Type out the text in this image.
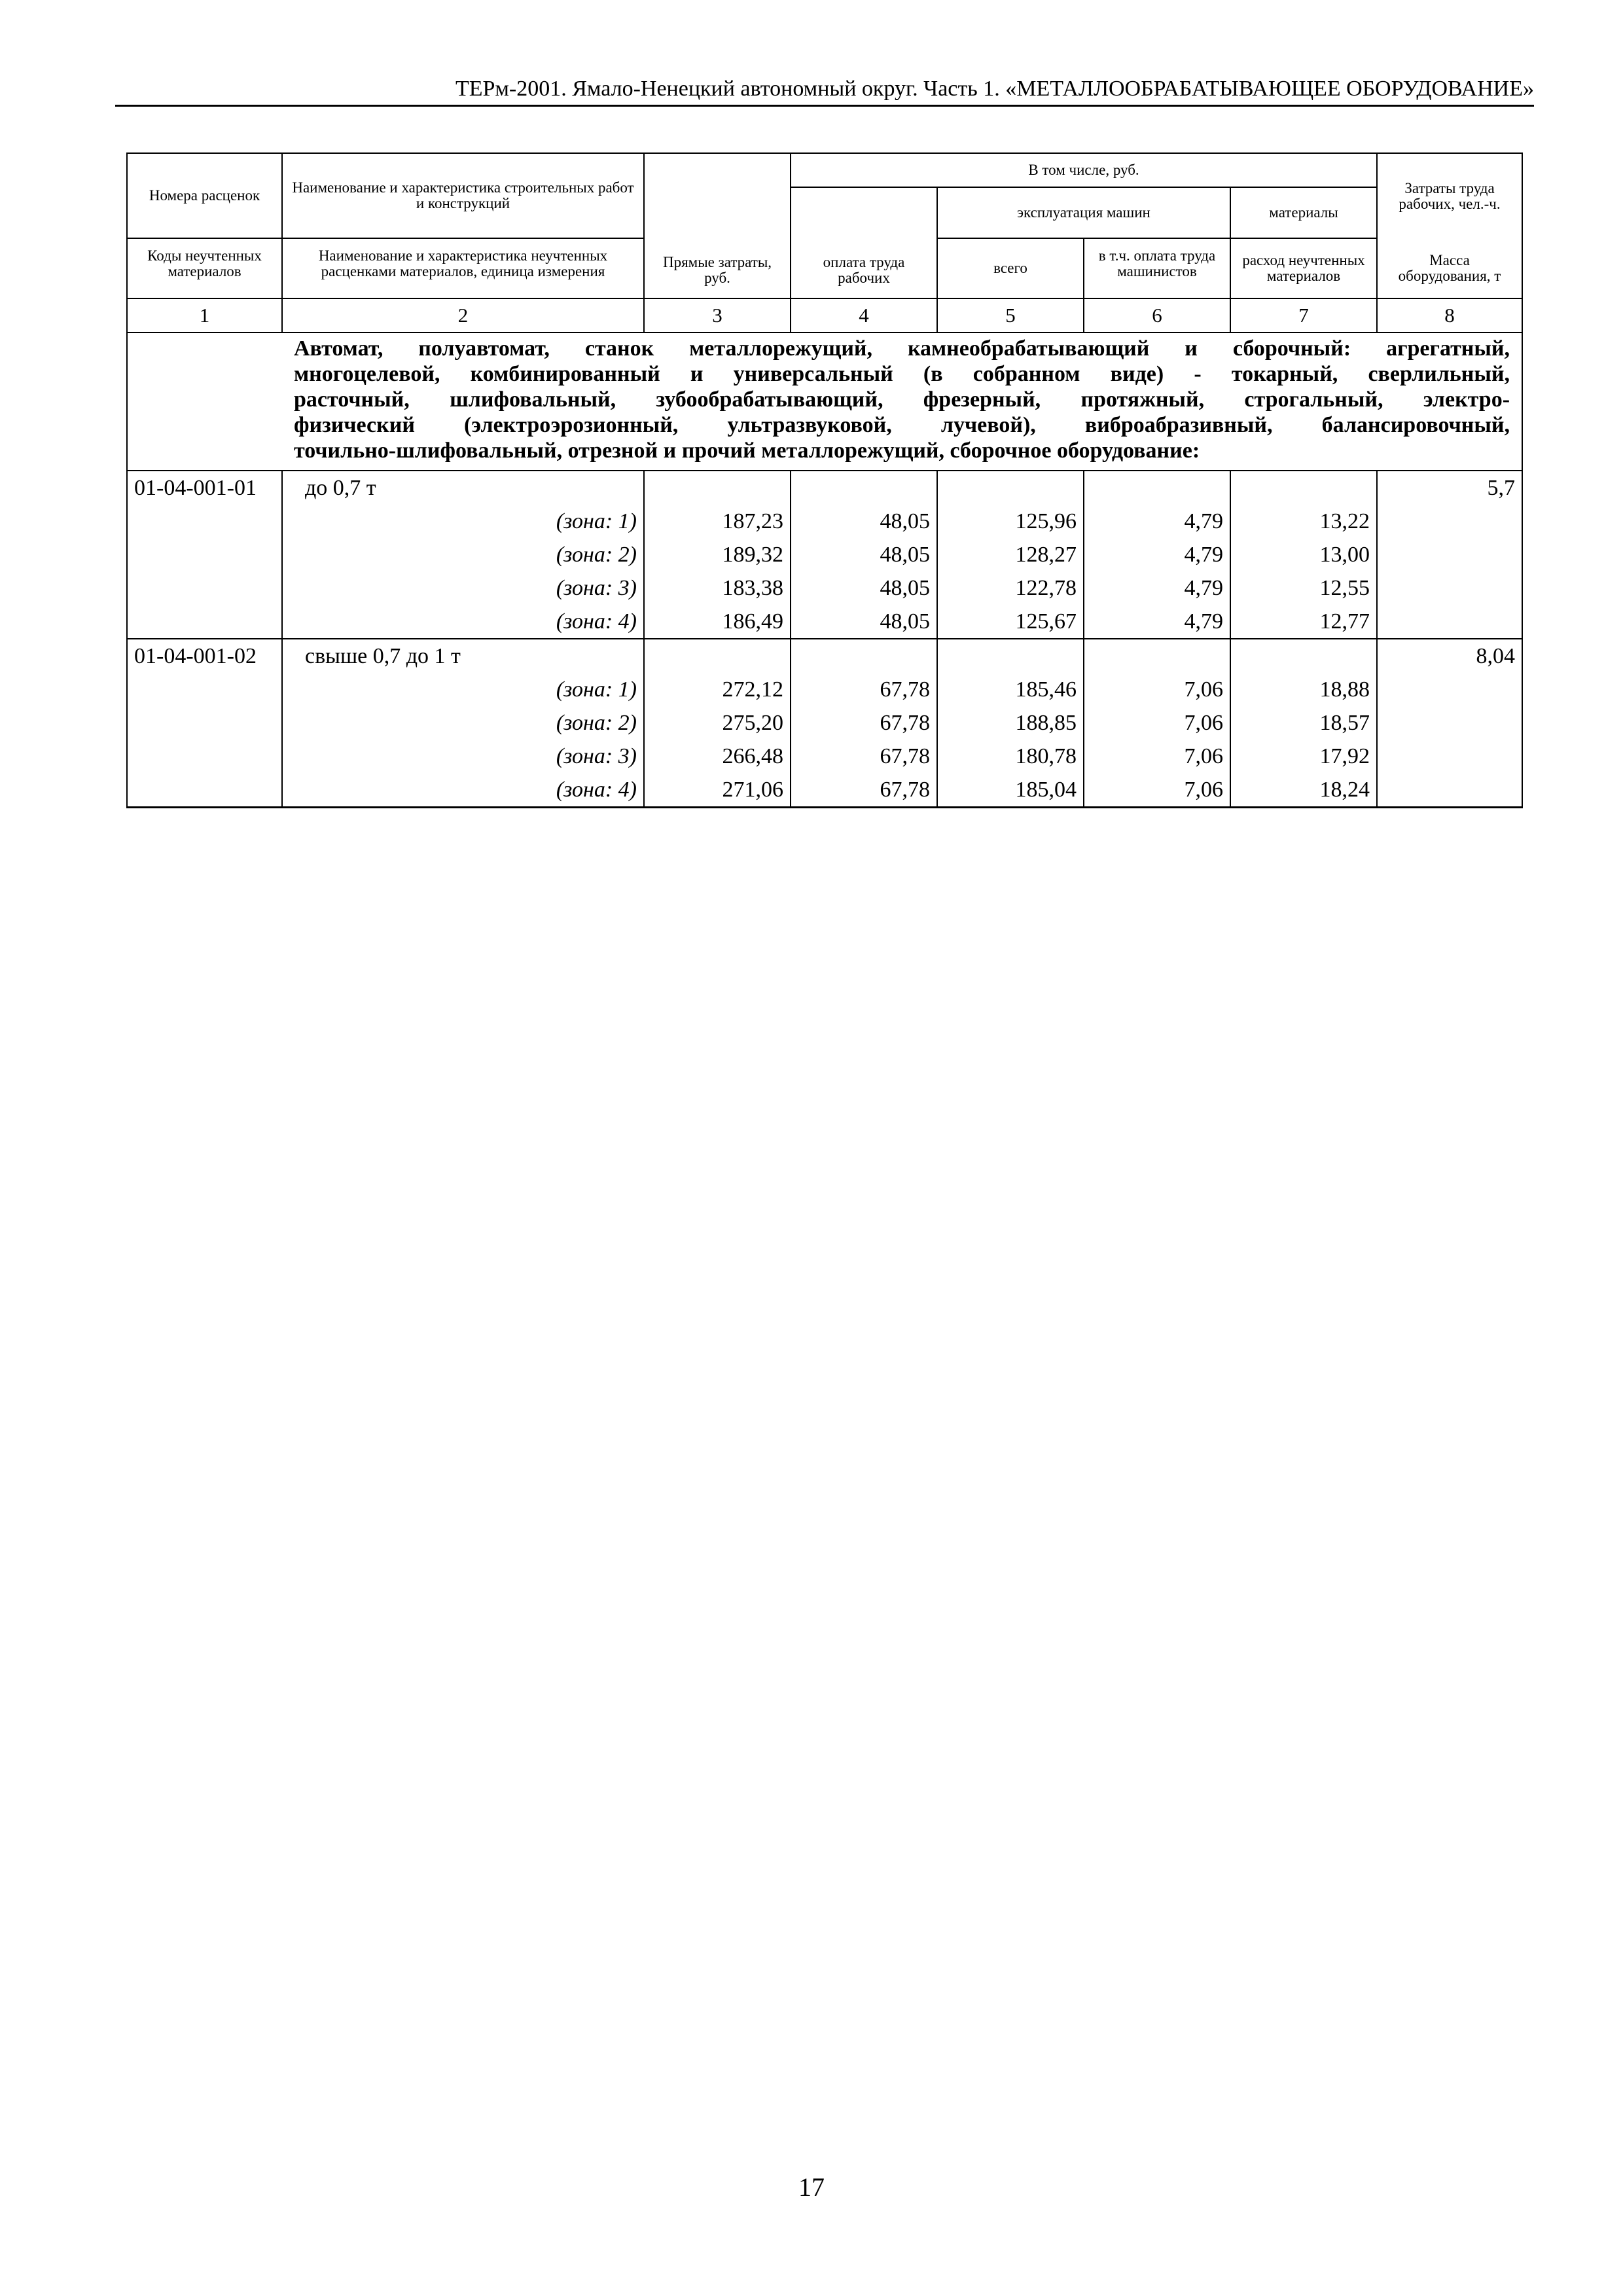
ТЕРм-2001. Ямало-Ненецкий автономный округ. Часть 1. «МЕТАЛЛООБРАБАТЫВАЮЩЕЕ ОБОРУДОВАНИЕ»
Номера расценок	Наименование и характеристика строительных работ и конструкций	Прямые затраты, руб.	В том числе, руб.				Затраты труда рабочих, чел.-ч.
			оплата труда рабочих	эксплуатация машин		материалы	
Коды неучтенных материалов	Наименование и характеристика неучтенных расценками материалов, единица измерения			всего	в т.ч. оплата труда машинистов	расход неучтенных материалов	Масса оборудования, т

1	2	3	4	5	6	7	8

	Автомат, полуавтомат, станок металлорежущий, камнеобрабатывающий и сборочный: агрегатный,
многоцелевой, комбинированный и универсальный (в собранном виде) - токарный, сверлильный,
расточный, шлифовальный, зубообрабатывающий, фрезерный, протяжный, строгальный, электро-
физический (электроэрозионный, ультразвуковой, лучевой), виброабразивный, балансировочный,
точильно-шлифовальный, отрезной и прочий металлорежущий, сборочное оборудование:						

01-04-001-01	до 0,7 т						5,7
	(зона: 1)	187,23	48,05	125,96	4,79	13,22	
	(зона: 2)	189,32	48,05	128,27	4,79	13,00	
	(зона: 3)	183,38	48,05	122,78	4,79	12,55	
	(зона: 4)	186,49	48,05	125,67	4,79	12,77	
01-04-001-02	свыше 0,7 до 1 т						8,04
	(зона: 1)	272,12	67,78	185,46	7,06	18,88	
	(зона: 2)	275,20	67,78	188,85	7,06	18,57	
	(зона: 3)	266,48	67,78	180,78	7,06	17,92	
	(зона: 4)	271,06	67,78	185,04	7,06	18,24	
17
